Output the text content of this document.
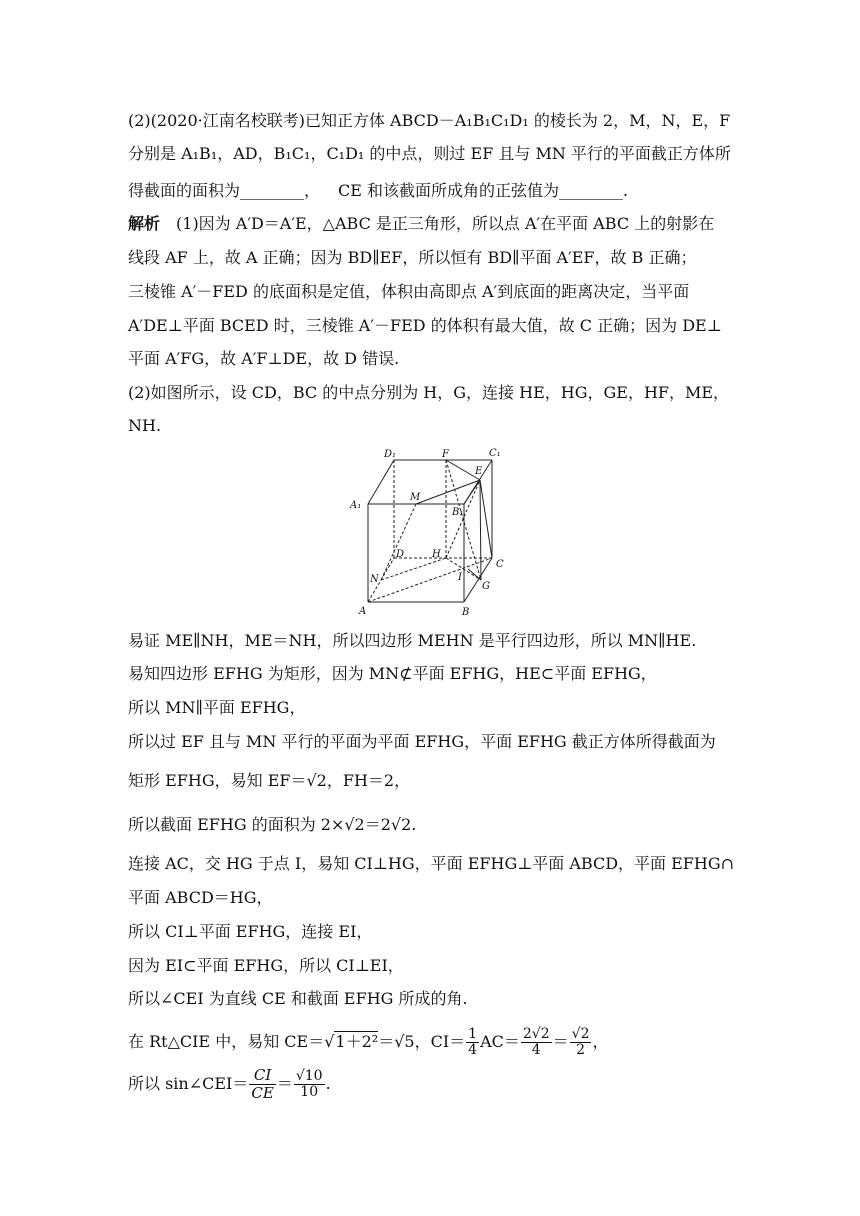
(2)(2020·江南名校联考)已知正方体 ABCD－A₁B₁C₁D₁ 的棱长为 2，M，N，E，F
分别是 A₁B₁，AD，B₁C₁，C₁D₁ 的中点，则过 EF 且与 MN 平行的平面截正方体所
得截面的面积为________， CE 和该截面所成角的正弦值为________.
解析 (1)因为 A′D＝A′E，△ABC 是正三角形，所以点 A′在平面 ABC 上的射影在
线段 AF 上，故 A 正确；因为 BD∥EF，所以恒有 BD∥平面 A′EF，故 B 正确；
三棱锥 A′－FED 的底面积是定值，体积由高即点 A′到底面的距离决定，当平面
A′DE⊥平面 BCED 时，三棱锥 A′－FED 的体积有最大值，故 C 正确；因为 DE⊥
平面 A′FG，故 A′F⊥DE，故 D 错误.
(2)如图所示，设 CD，BC 的中点分别为 H，G，连接 HE，HG，GE，HF，ME，
NH.
D₁	F	C₁
E
M
A₁
B₁
D	H
C
N	I
G
A	B
易证 ME∥NH，ME＝NH，所以四边形 MEHN 是平行四边形，所以 MN∥HE.
易知四边形 EFHG 为矩形，因为 MN⊄平面 EFHG，HE⊂平面 EFHG，
所以 MN∥平面 EFHG，
所以过 EF 且与 MN 平行的平面为平面 EFHG，平面 EFHG 截正方体所得截面为
矩形 EFHG，易知 EF＝√2，FH＝2，
所以截面 EFHG 的面积为 2×√2＝2√2.
连接 AC，交 HG 于点 I，易知 CI⊥HG，平面 EFHG⊥平面 ABCD，平面 EFHG∩
平面 ABCD＝HG，
所以 CI⊥平面 EFHG，连接 EI，
因为 EI⊂平面 EFHG，所以 CI⊥EI，
所以∠CEI 为直线 CE 和截面 EFHG 所成的角.
在 Rt△CIE 中，易知 CE＝√1＋2²＝√5，$CI= \frac{1}{4} AC= \frac{2√2}{4} = \frac{√2}{2}$ ，
所以 sin∠CEI＝ $\frac{CI}{CE} = \frac{√10}{10}$ .
